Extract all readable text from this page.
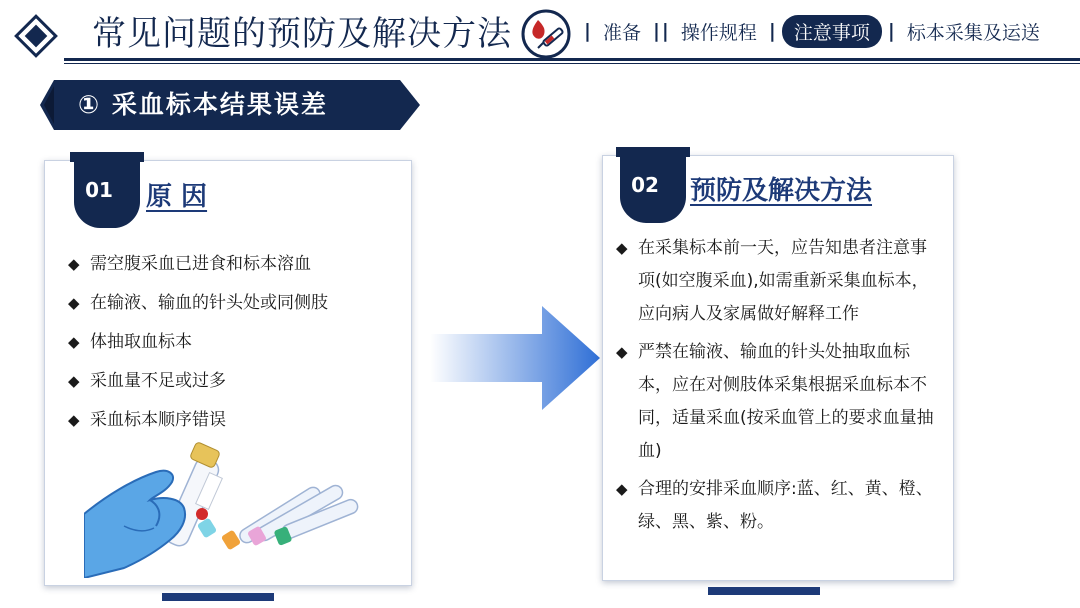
常见问题的预防及解决方法	| 准备 | | 操作规程 | 注意事项 | 标本采集及运送
① 采血标本结果误差
01	原 因
◆ 需空腹采血已进食和标本溶血
◆ 在输液、输血的针头处或同侧肢
◆ 体抽取血标本
◆ 采血量不足或过多
◆ 采血标本顺序错误
02	预防及解决方法
◆ 在采集标本前一天，应告知患者注意事项(如空腹采血),如需重新采集血标本，应向病人及家属做好解释工作
◆ 严禁在输液、输血的针头处抽取血标本，应在对侧肢体采集根据采血标本不同，适量采血(按采血管上的要求血量抽血)
◆ 合理的安排采血顺序:蓝、红、黄、橙、绿、黑、紫、粉。
